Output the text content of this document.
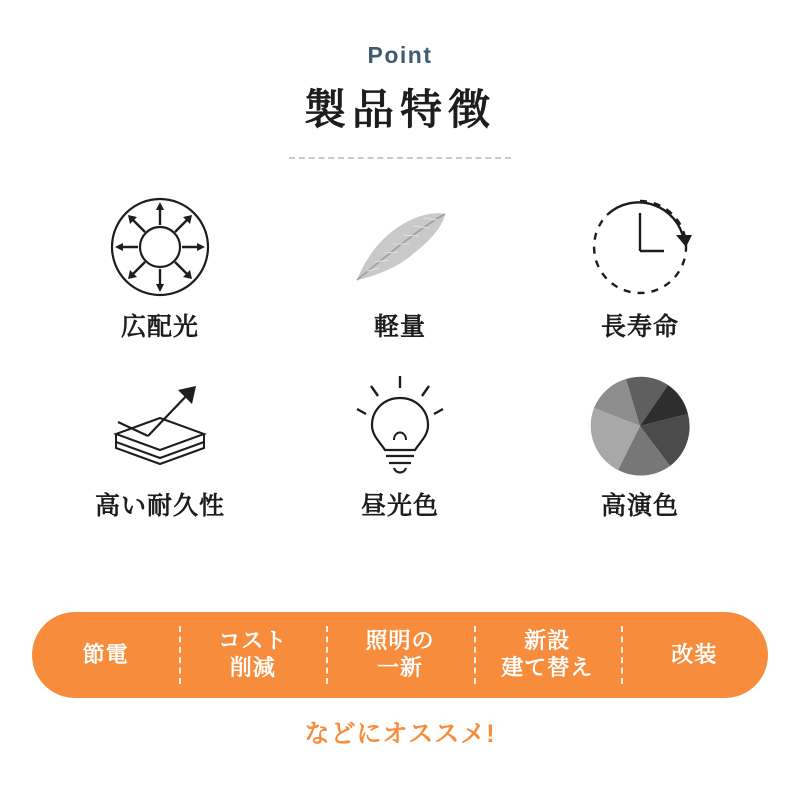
Point
製品特徴
広配光	軽量	長寿命
高い耐久性	昼光色	高演色
節電
コスト
削減
照明の
一新
新設
建て替え
改装
などにオススメ!
